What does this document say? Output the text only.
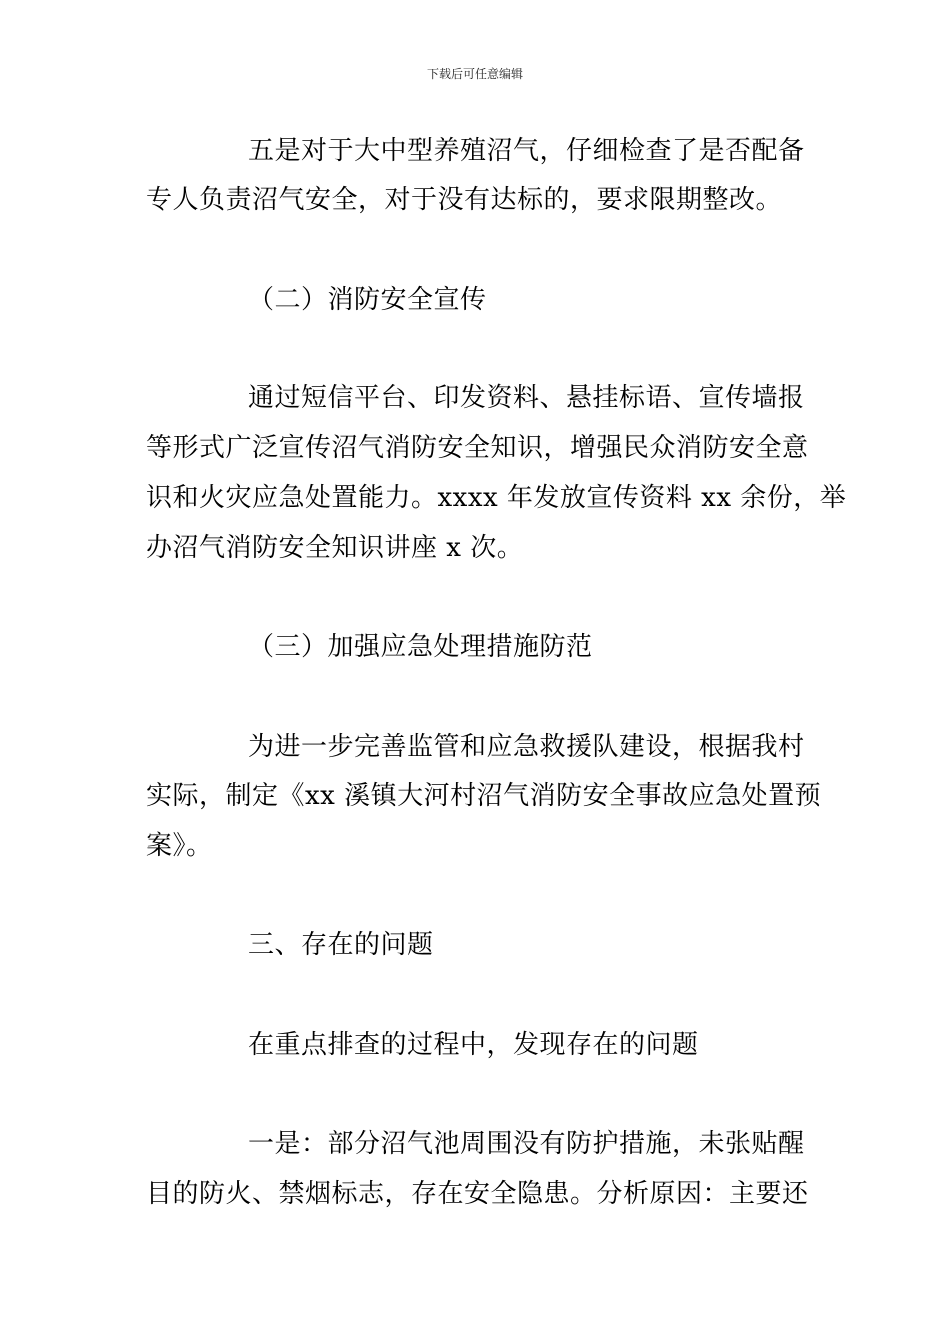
下载后可任意编辑
五是对于大中型养殖沼气，仔细检查了是否配备
专人负责沼气安全，对于没有达标的，要求限期整改。
（二）消防安全宣传
通过短信平台、印发资料、悬挂标语、宣传墙报
等形式广泛宣传沼气消防安全知识，增强民众消防安全意
识和火灾应急处置能力。xxxx 年发放宣传资料 xx 余份，举
办沼气消防安全知识讲座 x 次。
（三）加强应急处理措施防范
为进一步完善监管和应急救援队建设，根据我村
实际，制定《xx 溪镇大河村沼气消防安全事故应急处置预
案》。
三、存在的问题
在重点排查的过程中，发现存在的问题
一是：部分沼气池周围没有防护措施，未张贴醒
目的防火、禁烟标志，存在安全隐患。分析原因：主要还
